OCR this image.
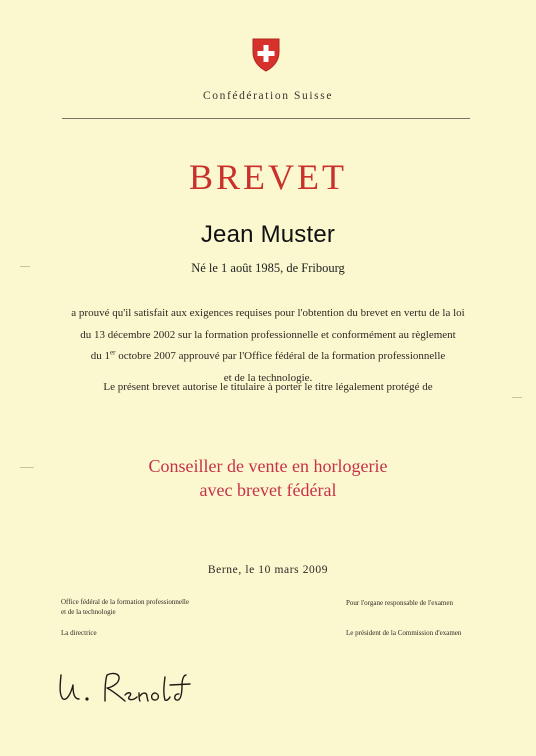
Confédération Suisse
BREVET
Jean Muster
Né le 1 août 1985, de Fribourg
a prouvé qu'il satisfait aux exigences requises pour l'obtention du brevet en vertu de la loi
du 13 décembre 2002 sur la formation professionnelle et conformément au règlement
du 1er octobre 2007 approuvé par l'Office fédéral de la formation professionnelle
et de la technologie.
Le présent brevet autorise le titulaire à porter le titre légalement protégé de
Conseiller de vente en horlogerie
avec brevet fédéral
Berne, le 10 mars 2009
Office fédéral de la formation professionnelle
et de la technologie
Pour l'organe responsable de l'examen
La directrice	Le président de la Commission d'examen
